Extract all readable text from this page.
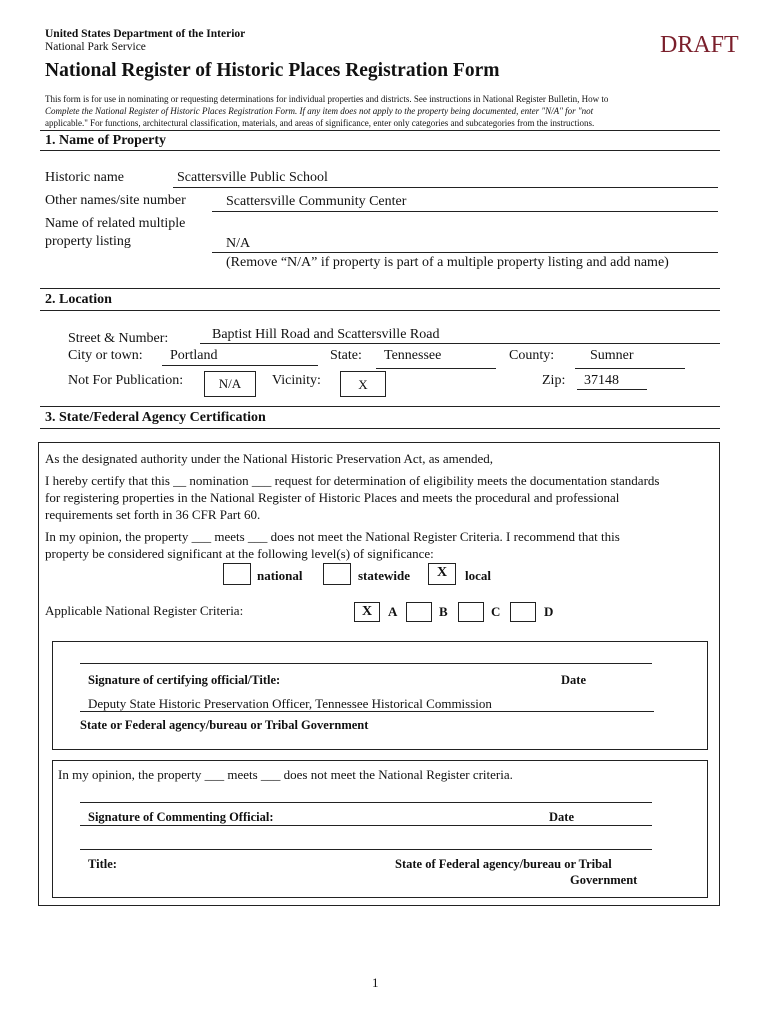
United States Department of the Interior
National Park Service	DRAFT
National Register of Historic Places Registration Form
This form is for use in nominating or requesting determinations for individual properties and districts. See instructions in National Register Bulletin, How to
Complete the National Register of Historic Places Registration Form. If any item does not apply to the property being documented, enter "N/A" for "not
applicable." For functions, architectural classification, materials, and areas of significance, enter only categories and subcategories from the instructions.
1. Name of Property
Historic name	Scattersville Public School
Other names/site number	Scattersville Community Center
Name of related multiple
property listing	N/A
(Remove “N/A” if property is part of a multiple property listing and add name)
2. Location
Street & Number:	Baptist Hill Road and Scattersville Road
City or town: Portland	State: Tennessee	County:	Sumner
Not For Publication:	N/A	Vicinity:	X	Zip: 37148
3. State/Federal Agency Certification
As the designated authority under the National Historic Preservation Act, as amended,
I hereby certify that this __ nomination ___ request for determination of eligibility meets the documentation standards
for registering properties in the National Register of Historic Places and meets the procedural and professional
requirements set forth in 36 CFR Part 60.
In my opinion, the property ___ meets ___ does not meet the National Register Criteria. I recommend that this
property be considered significant at the following level(s) of significance:
national	statewide	X	local
Applicable National Register Criteria:	X	A	B	C	D
Signature of certifying official/Title:	Date
Deputy State Historic Preservation Officer, Tennessee Historical Commission
State or Federal agency/bureau or Tribal Government
In my opinion, the property ___ meets ___ does not meet the National Register criteria.
Signature of Commenting Official:	Date
Title:	State of Federal agency/bureau or Tribal
Government
1
